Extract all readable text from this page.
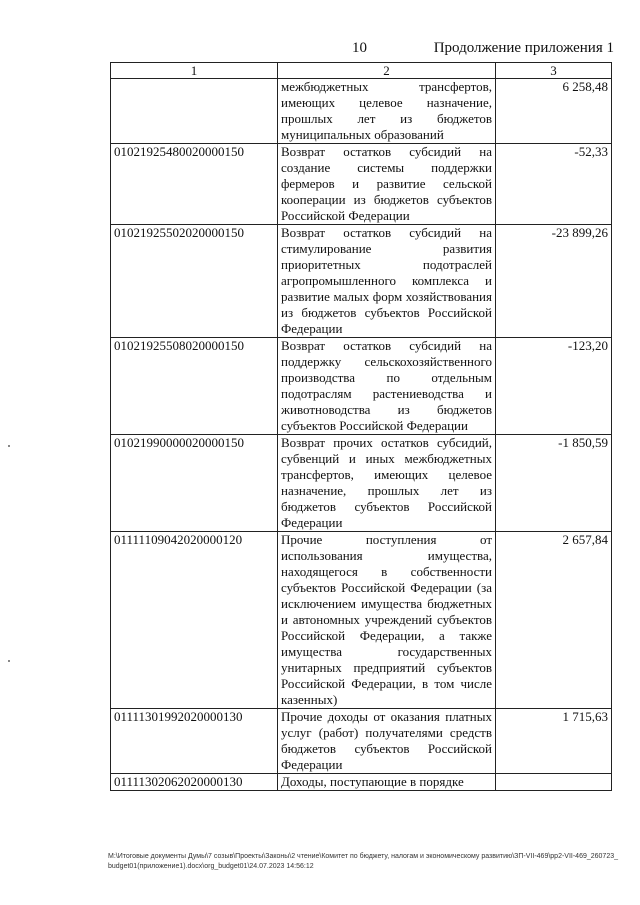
10	Продолжение приложения 1
1	2	3
	межбюджетных трансфертов, имеющих целевое назначение, прошлых лет из бюджетов муниципальных образований	6 258,48
01021925480020000150	Возврат остатков субсидий на создание системы поддержки фермеров и развитие сельской кооперации из бюджетов субъектов Российской Федерации	-52,33
01021925502020000150	Возврат остатков субсидий на стимулирование развития приоритетных подотраслей агропромышленного комплекса и развитие малых форм хозяйствования из бюджетов субъектов Российской Федерации	-23 899,26
01021925508020000150	Возврат остатков субсидий на поддержку сельскохозяйственного производства по отдельным подотраслям растениеводства и животноводства из бюджетов субъектов Российской Федерации	-123,20
01021990000020000150	Возврат прочих остатков субсидий, субвенций и иных межбюджетных трансфертов, имеющих целевое назначение, прошлых лет из бюджетов субъектов Российской Федерации	-1 850,59
01111109042020000120	Прочие поступления от использования имущества, находящегося в собственности субъектов Российской Федерации (за исключением имущества бюджетных и автономных учреждений субъектов Российской Федерации, а также имущества государственных унитарных предприятий субъектов Российской Федерации, в том числе казенных)	2 657,84
01111301992020000130	Прочие доходы от оказания платных услуг (работ) получателями средств бюджетов субъектов Российской Федерации	1 715,63
01111302062020000130	Доходы, поступающие в порядке	
М:\Итоговые документы Думы\7 созыв\Проекты\Законы\2 чтение\Комитет по бюджету, налогам и экономическому развитию\ЗП-VII-469\pp2-VII-469_260723_budget01(приложение1).docx\org_budget01\24.07.2023 14:56:12
